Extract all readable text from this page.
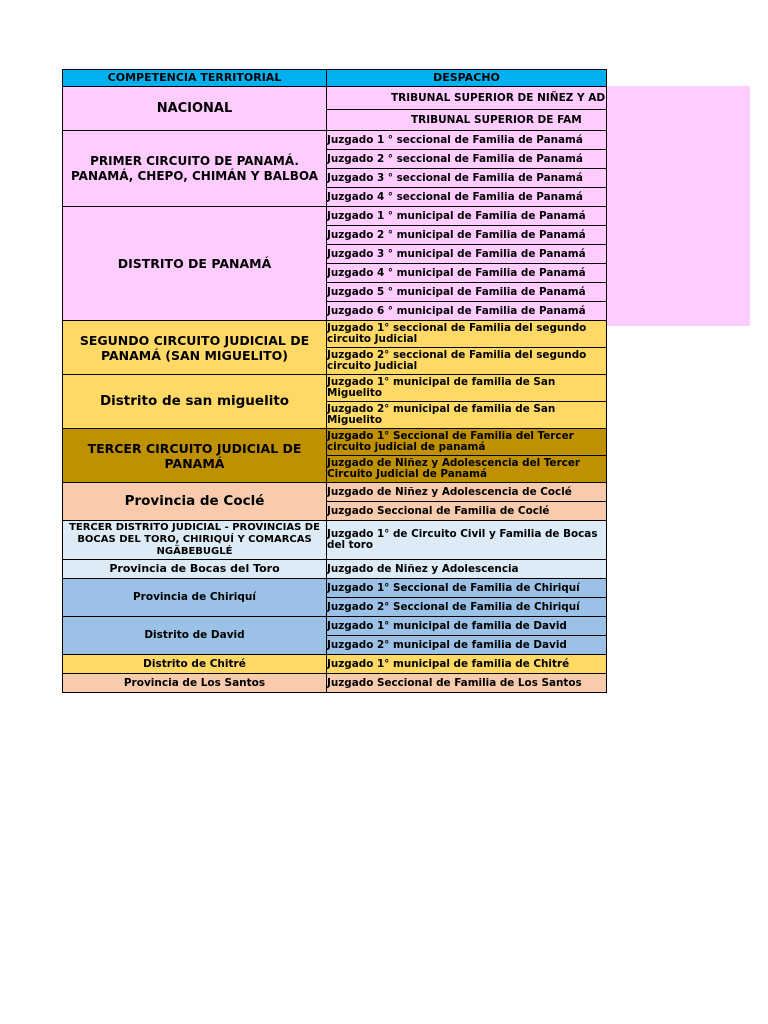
COMPETENCIA TERRITORIAL	DESPACHO
NACIONAL	TRIBUNAL SUPERIOR DE NIÑEZ Y AD
	TRIBUNAL SUPERIOR DE FAM
PRIMER CIRCUITO DE PANAMÁ. PANAMÁ, CHEPO, CHIMÁN Y BALBOA	Juzgado 1 ° seccional de Familia de Panamá
	Juzgado 2 ° seccional de Familia de Panamá
	Juzgado 3 ° seccional de Familia de Panamá
	Juzgado 4 ° seccional de Familia de Panamá
DISTRITO DE PANAMÁ	Juzgado 1 ° municipal de Familia de Panamá
	Juzgado 2 ° municipal de Familia de Panamá
	Juzgado 3 ° municipal de Familia de Panamá
	Juzgado 4 ° municipal de Familia de Panamá
	Juzgado 5 ° municipal de Familia de Panamá
	Juzgado 6 ° municipal de Familia de Panamá
SEGUNDO CIRCUITO JUDICIAL DE PANAMÁ (SAN MIGUELITO)	Juzgado 1° seccional de Familia del segundo circuito Judicial
	Juzgado 2° seccional de Familia del segundo circuito Judicial
Distrito de san miguelito	Juzgado 1° municipal de familia de San Miguelito
	Juzgado 2° municipal de familia de San Miguelito
TERCER CIRCUITO JUDICIAL DE PANAMÁ	Juzgado 1° Seccional de Familia del Tercer circuito judicial de panamá
	Juzgado de Niñez y Adolescencia del Tercer Circuito Judicial de Panamá
Provincia de Coclé	Juzgado de Niñez y Adolescencia de Coclé
	Juzgado Seccional de Familia de Coclé
TERCER DISTRITO JUDICIAL - PROVINCIAS DE BOCAS DEL TORO, CHIRIQUÍ Y COMARCAS NGÄBEBUGLÉ	Juzgado 1° de Circuito Civil y Familia de Bocas del toro
Provincia de Bocas del Toro	Juzgado de Niñez y Adolescencia
Provincia de Chiriquí	Juzgado 1° Seccional de Familia de Chiriquí
	Juzgado 2° Seccional de Familia de Chiriquí
Distrito de David	Juzgado 1° municipal de familia de David
	Juzgado 2° municipal de familia de David
Distrito de Chitré	Juzgado 1° municipal de familia de Chitré
Provincia de Los Santos	Juzgado Seccional de Familia de Los Santos
